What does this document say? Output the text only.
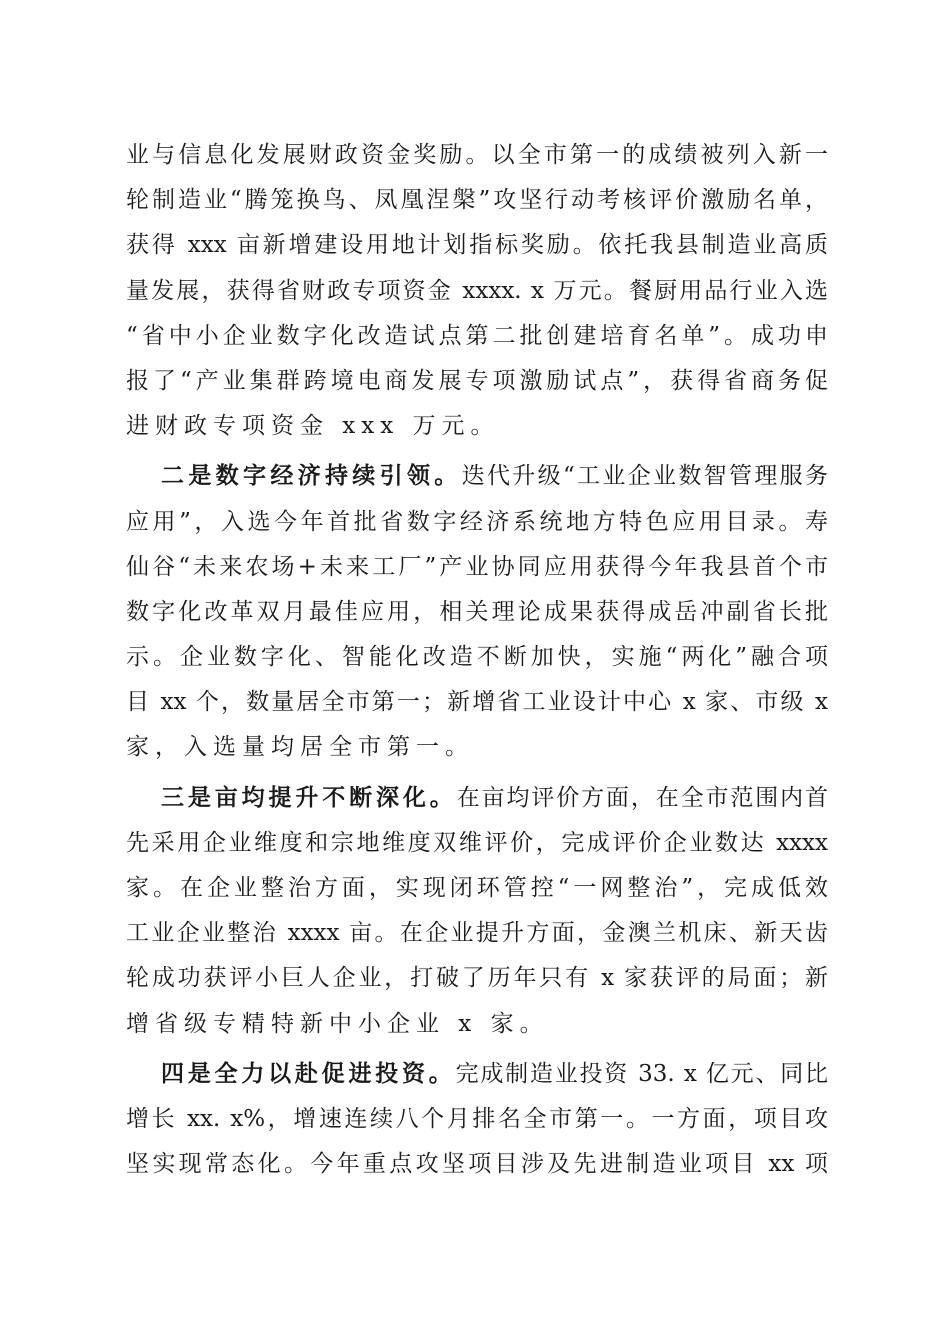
业与信息化发展财政资金奖励。以全市第一的成绩被列入新一
轮制造业“腾笼换鸟、凤凰涅槃”攻坚行动考核评价激励名单，
获得 xxx 亩新增建设用地计划指标奖励。依托我县制造业高质
量发展，获得省财政专项资金 xxxx. x 万元。餐厨用品行业入选
“省中小企业数字化改造试点第二批创建培育名单”。成功申
报了“产业集群跨境电商发展专项激励试点”，获得省商务促
进财政专项资金 xxx 万元。
二是数字经济持续引领。迭代升级“工业企业数智管理服务
应用”，入选今年首批省数字经济系统地方特色应用目录。寿
仙谷“未来农场+未来工厂”产业协同应用获得今年我县首个市
数字化改革双月最佳应用，相关理论成果获得成岳冲副省长批
示。企业数字化、智能化改造不断加快，实施“两化”融合项
目 xx 个，数量居全市第一；新增省工业设计中心 x 家、市级 x
家，入选量均居全市第一。
三是亩均提升不断深化。在亩均评价方面，在全市范围内首
先采用企业维度和宗地维度双维评价，完成评价企业数达 xxxx
家。在企业整治方面，实现闭环管控“一网整治”，完成低效
工业企业整治 xxxx 亩。在企业提升方面，金澳兰机床、新天齿
轮成功获评小巨人企业，打破了历年只有 x 家获评的局面；新
增省级专精特新中小企业 x 家。
四是全力以赴促进投资。完成制造业投资 33. x 亿元、同比
增长 xx. x%，增速连续八个月排名全市第一。一方面，项目攻
坚实现常态化。今年重点攻坚项目涉及先进制造业项目 xx 项
